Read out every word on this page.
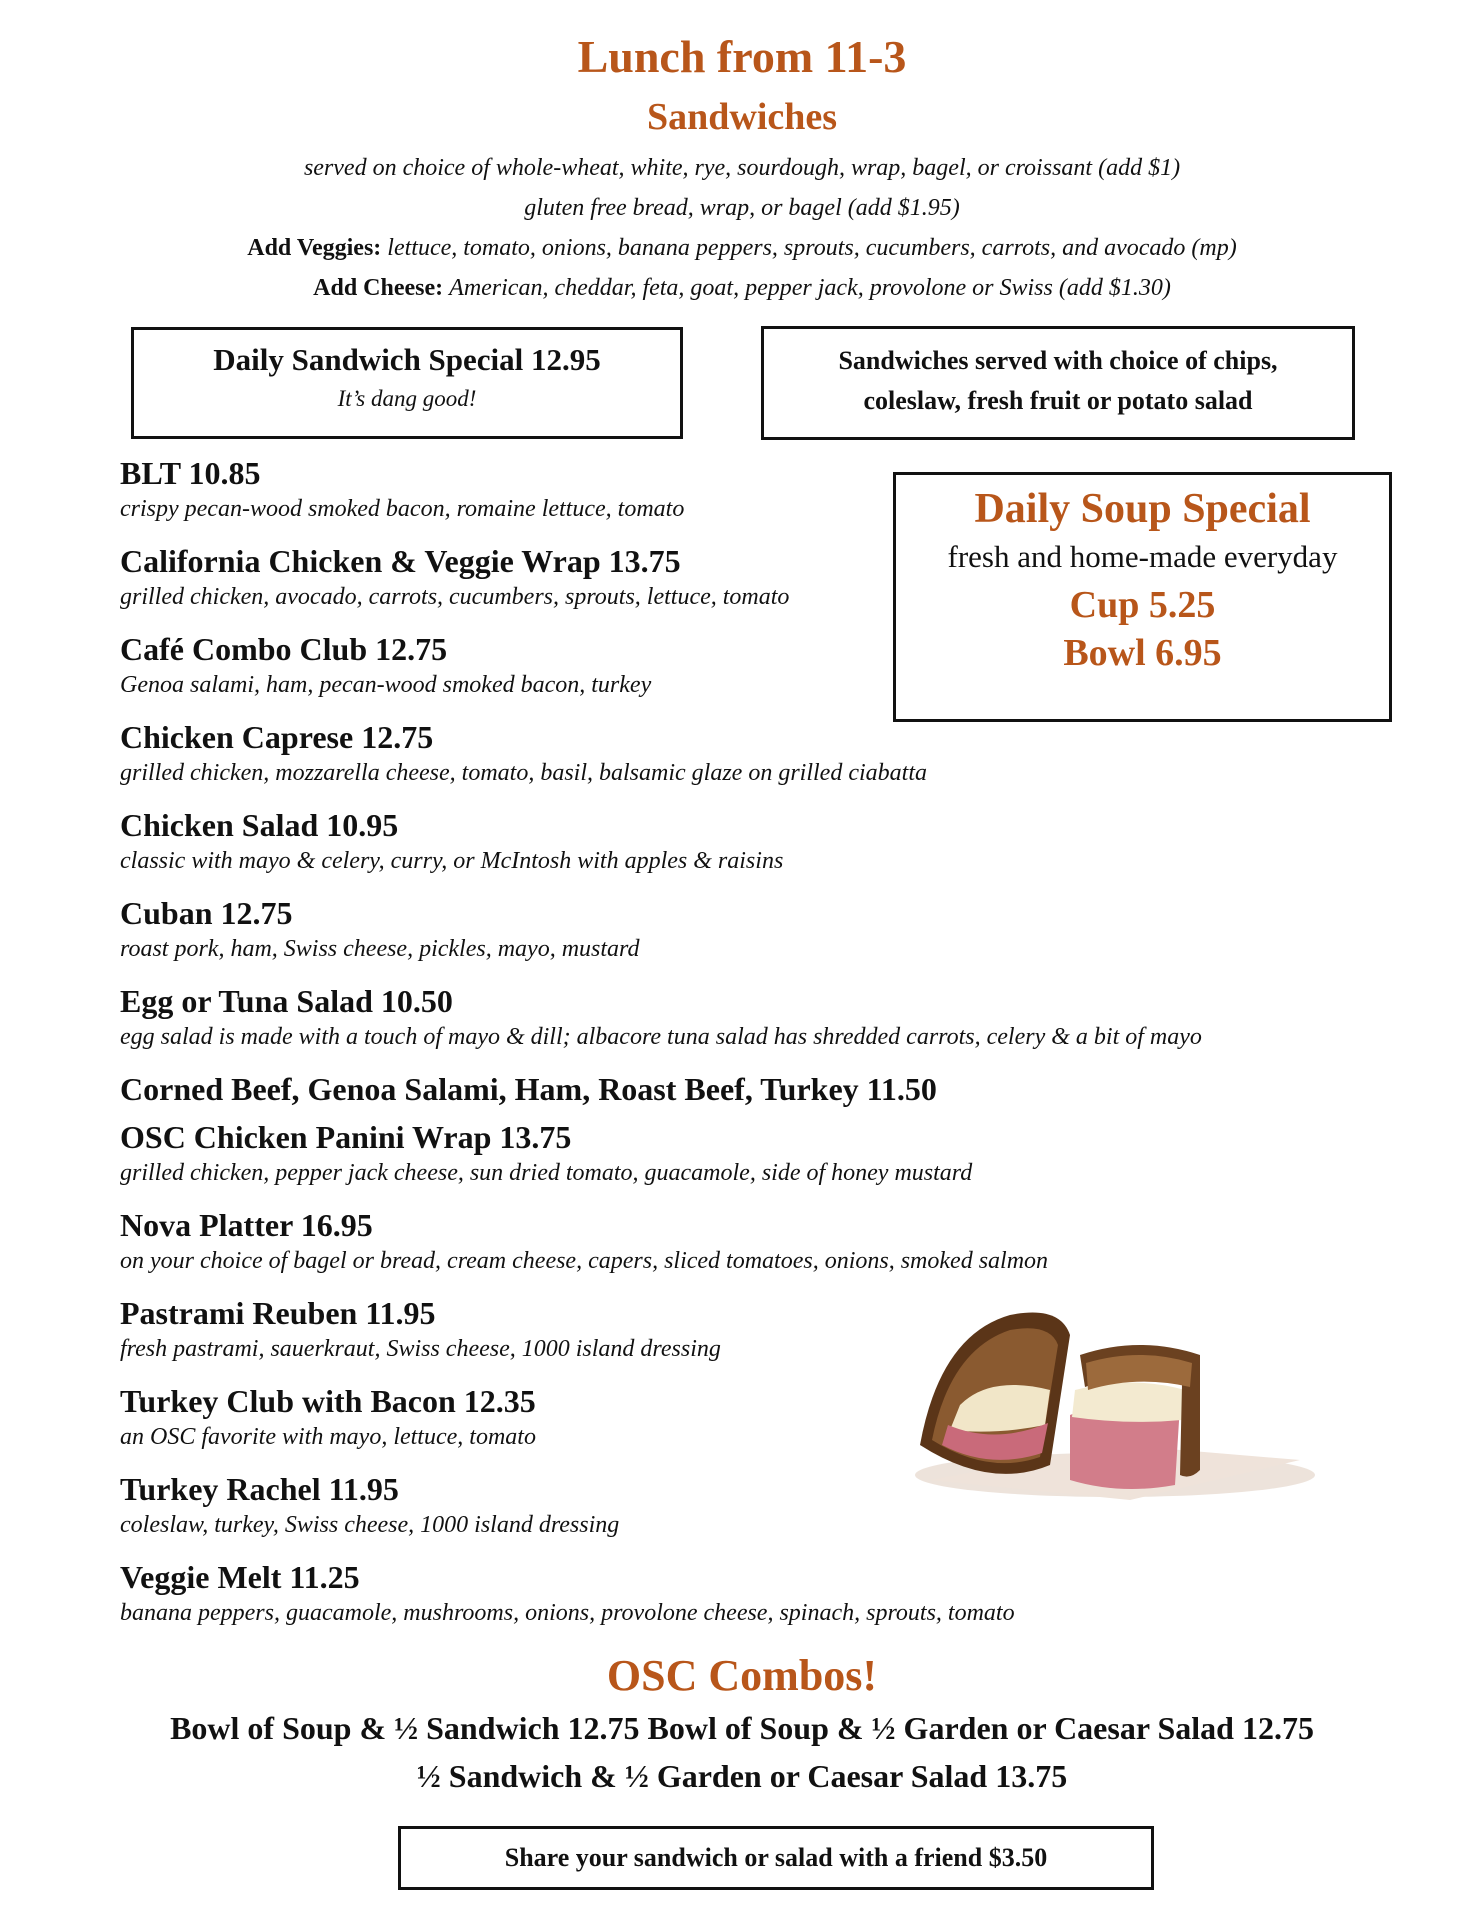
Lunch from 11-3
Sandwiches
served on choice of whole-wheat, white, rye, sourdough, wrap, bagel, or croissant (add $1)
gluten free bread, wrap, or bagel (add $1.95)
Add Veggies: lettuce, tomato, onions, banana peppers, sprouts, cucumbers, carrots, and avocado (mp)
Add Cheese: American, cheddar, feta, goat, pepper jack, provolone or Swiss (add $1.30)
Daily Sandwich Special 12.95
It’s dang good!
Sandwiches served with choice of chips,
coleslaw, fresh fruit or potato salad
Daily Soup Special
fresh and home-made everyday
Cup 5.25
Bowl 6.95
BLT 10.85
crispy pecan-wood smoked bacon, romaine lettuce, tomato
California Chicken & Veggie Wrap 13.75
grilled chicken, avocado, carrots, cucumbers, sprouts, lettuce, tomato
Café Combo Club 12.75
Genoa salami, ham, pecan-wood smoked bacon, turkey
Chicken Caprese 12.75
grilled chicken, mozzarella cheese, tomato, basil, balsamic glaze on grilled ciabatta
Chicken Salad 10.95
classic with mayo & celery, curry, or McIntosh with apples & raisins
Cuban 12.75
roast pork, ham, Swiss cheese, pickles, mayo, mustard
Egg or Tuna Salad 10.50
egg salad is made with a touch of mayo & dill; albacore tuna salad has shredded carrots, celery & a bit of mayo
Corned Beef, Genoa Salami, Ham, Roast Beef, Turkey 11.50
OSC Chicken Panini Wrap 13.75
grilled chicken, pepper jack cheese, sun dried tomato, guacamole, side of honey mustard
Nova Platter 16.95
on your choice of bagel or bread, cream cheese, capers, sliced tomatoes, onions, smoked salmon
Pastrami Reuben 11.95
fresh pastrami, sauerkraut, Swiss cheese, 1000 island dressing
Turkey Club with Bacon 12.35
an OSC favorite with mayo, lettuce, tomato
Turkey Rachel 11.95
coleslaw, turkey, Swiss cheese, 1000 island dressing
Veggie Melt 11.25
banana peppers, guacamole, mushrooms, onions, provolone cheese, spinach, sprouts, tomato
OSC Combos!
Bowl of Soup & ½ Sandwich 12.75 Bowl of Soup & ½ Garden or Caesar Salad 12.75
½ Sandwich & ½ Garden or Caesar Salad 13.75
Share your sandwich or salad with a friend $3.50
